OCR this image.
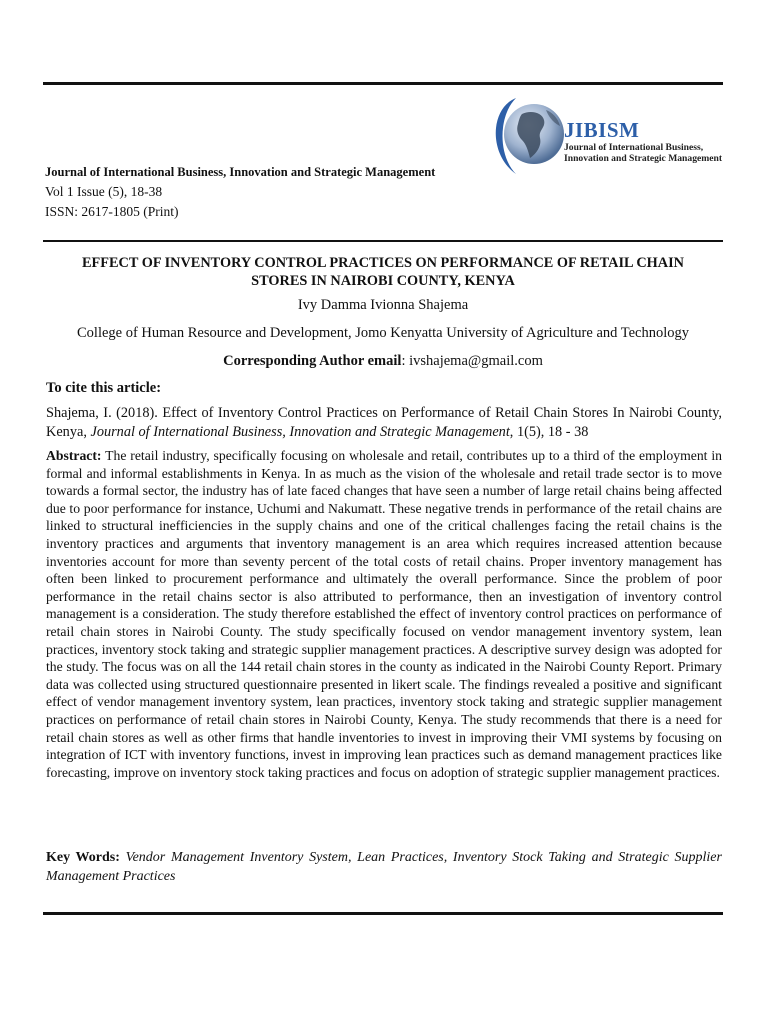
JIBISM
Journal of International Business,
Innovation and Strategic Management
Journal of International Business, Innovation and Strategic Management
Vol 1 Issue (5), 18-38
ISSN: 2617-1805 (Print)
EFFECT OF INVENTORY CONTROL PRACTICES ON PERFORMANCE OF RETAIL CHAIN
STORES IN NAIROBI COUNTY, KENYA
Ivy Damma Ivionna Shajema
College of Human Resource and Development, Jomo Kenyatta University of Agriculture and Technology
Corresponding Author email: ivshajema@gmail.com
To cite this article:
Shajema, I. (2018). Effect of Inventory Control Practices on Performance of Retail Chain Stores In Nairobi County, Kenya, Journal of International Business, Innovation and Strategic Management, 1(5), 18 - 38
Abstract: The retail industry, specifically focusing on wholesale and retail, contributes up to a third of the employment in formal and informal establishments in Kenya. In as much as the vision of the wholesale and retail trade sector is to move towards a formal sector, the industry has of late faced changes that have seen a number of large retail chains being affected due to poor performance for instance, Uchumi and Nakumatt. These negative trends in performance of the retail chains are linked to structural inefficiencies in the supply chains and one of the critical challenges facing the retail chains is the inventory practices and arguments that inventory management is an area which requires increased attention because inventories account for more than seventy percent of the total costs of retail chains. Proper inventory management has often been linked to procurement performance and ultimately the overall performance. Since the problem of poor performance in the retail chains sector is also attributed to performance, then an investigation of inventory control management is a consideration. The study therefore established the effect of inventory control practices on performance of retail chain stores in Nairobi County. The study specifically focused on vendor management inventory system, lean practices, inventory stock taking and strategic supplier management practices. A descriptive survey design was adopted for the study. The focus was on all the 144 retail chain stores in the county as indicated in the Nairobi County Report. Primary data was collected using structured questionnaire presented in likert scale. The findings revealed a positive and significant effect of vendor management inventory system, lean practices, inventory stock taking and strategic supplier management practices on performance of retail chain stores in Nairobi County, Kenya. The study recommends that there is a need for retail chain stores as well as other firms that handle inventories to invest in improving their VMI systems by focusing on integration of ICT with inventory functions, invest in improving lean practices such as demand management practices like forecasting, improve on inventory stock taking practices and focus on adoption of strategic supplier management practices.
Key Words: Vendor Management Inventory System, Lean Practices, Inventory Stock Taking and Strategic Supplier Management Practices
